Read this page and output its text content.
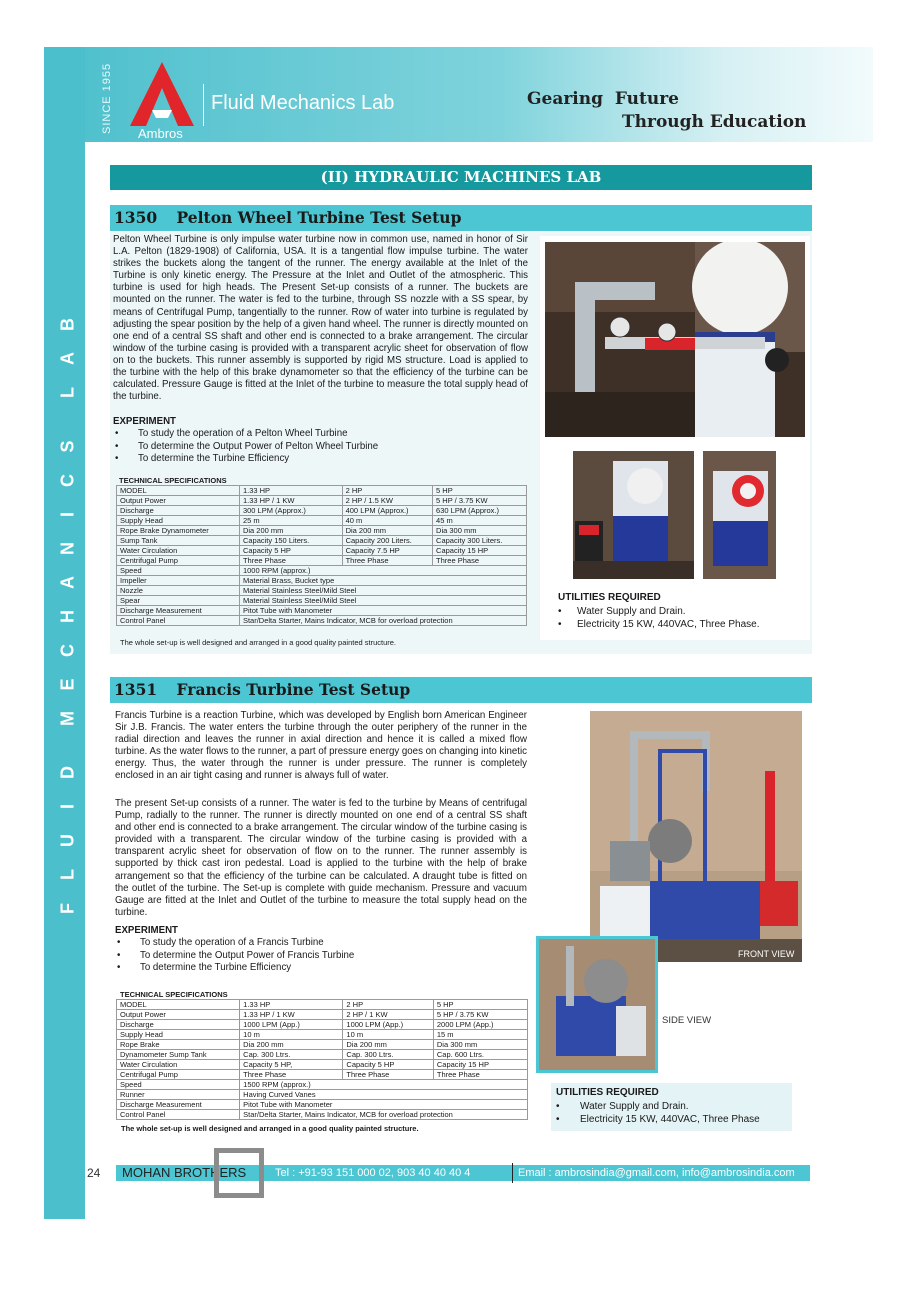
SINCE 1955 Ambros
Fluid Mechanics Lab	Gearing  Future
Through Education
F
L
U
I
D
M
E
C
H
A
N
I
C
S
L
A
B
(II) HYDRAULIC MACHINES LAB
1350 Pelton Wheel Turbine Test Setup
Pelton Wheel Turbine is only impulse water turbine now in common use, named in honor of Sir L.A. Pelton (1829-1908) of California, USA. It is a tangential flow impulse turbine. The water strikes the buckets along the tangent of the runner. The energy available at the Inlet of the Turbine is only kinetic energy. The Pressure at the Inlet and Outlet of the atmospheric. This turbine is used for high heads. The Present Set-up consists of a runner. The buckets are mounted on the runner. The water is fed to the turbine, through SS nozzle with a SS spear, by means of Centrifugal Pump, tangentially to the runner. Row of water into turbine is regulated by adjusting the spear position by the help of a given hand wheel. The runner is directly mounted on one end of a central SS shaft and other end is connected to a brake arrangement. The circular window of the turbine casing is provided with a transparent acrylic sheet for observation of flow on to the buckets. This runner assembly is supported by rigid MS structure. Load is applied to the turbine with the help of this brake dynamometer so that the efficiency of the turbine can be calculated. Pressure Gauge is fitted at the Inlet of the turbine to measure the total supply head of the turbine.
EXPERIMENT
• To study the operation of a Pelton Wheel Turbine
• To determine the Output Power of Pelton Wheel Turbine
• To determine the Turbine Efficiency
TECHNICAL SPECIFICATIONS
MODEL	1.33 HP	2 HP	5 HP
Output Power	1.33 HP / 1 KW	2 HP / 1.5 KW	5 HP / 3.75 KW
Discharge	300 LPM (Approx.)	400 LPM (Approx.)	630 LPM (Approx.)
Supply Head	25 m	40 m	45 m
Rope Brake Dynamometer	Dia 200 mm	Dia 200 mm	Dia 300 mm
Sump Tank	Capacity 150 Liters.	Capacity 200 Liters.	Capacity 300 Liters.
Water Circulation	Capacity 5 HP	Capacity 7.5 HP	Capacity 15 HP
Centrifugal Pump	Three Phase	Three Phase	Three Phase
Speed	1000 RPM (approx.)		
Impeller	Material Brass, Bucket type		
Nozzle	Material Stainless Steel/Mild Steel		
Spear	Material Stainless Steel/Mild Steel		
Discharge Measurement	Pitot Tube with Manometer		
Control Panel	Star/Delta Starter, Mains Indicator, MCB for overload protection		
The whole set-up is well designed and arranged in a good quality painted structure.
UTILITIES REQUIRED
• Water Supply and Drain.
• Electricity 15 KW, 440VAC, Three Phase.
1351 Francis Turbine Test Setup
Francis Turbine is a reaction Turbine, which was developed by English born American Engineer Sir J.B. Francis. The water enters the turbine through the outer periphery of the runner in the radial direction and leaves the runner in axial direction and hence it is called a mixed flow turbine. As the water flows to the runner, a part of pressure energy goes on changing into kinetic energy. Thus, the water through the runner is under pressure. The runner is completely enclosed in an air tight casing and runner is always full of water.
The present Set-up consists of a runner. The water is fed to the turbine by Means of centrifugal Pump, radially to the runner. The runner is directly mounted on one end of a central SS shaft and other end is connected to a brake arrangement. The circular window of the turbine casing is provided with a transparent. The circular window of the turbine casing is provided with a transparent acrylic sheet for observation of flow on to the runner. The runner assembly is supported by thick cast iron pedestal. Load is applied to the turbine with the help of brake arrangement so that the efficiency of the turbine can be calculated. A draught tube is fitted on the outlet of the turbine. The Set-up is complete with guide mechanism. Pressure and vacuum Gauge are fitted at the Inlet and Outlet of the turbine to measure the total supply head on the turbine.
EXPERIMENT
• To study the operation of a Francis Turbine
• To determine the Output Power of Francis Turbine
• To determine the Turbine Efficiency
TECHNICAL SPECIFICATIONS
MODEL	1.33 HP	2 HP	5 HP
Output Power	1.33 HP / 1 KW	2 HP / 1 KW	5 HP / 3.75 KW
Discharge	1000 LPM (App.)	1000 LPM (App.)	2000 LPM (App.)
Supply Head	10 m	10 m	15 m
Rope Brake	Dia 200 mm	Dia 200 mm	Dia 300 mm
Dynamometer Sump Tank	Cap. 300 Ltrs.	Cap. 300 Ltrs.	Cap. 600 Ltrs.
Water Circulation	Capacity 5 HP,	Capacity 5 HP	Capacity 15 HP
Centrifugal Pump	Three Phase	Three Phase	Three Phase
Speed	1500 RPM (approx.)		
Runner	Having Curved Vanes		
Discharge Measurement	Pitot Tube with Manometer		
Control Panel	Star/Delta Starter, Mains Indicator, MCB for overload protection		
The whole set-up is well designed and arranged in a good quality painted structure.
FRONT VIEW
SIDE VIEW
UTILITIES REQUIRED
• Water Supply and Drain.
• Electricity 15 KW, 440VAC, Three Phase
24 MOHAN BROTHERS	Tel : +91-93 151 000 02, 903 40 40 40 4	Email : ambrosindia@gmail.com, info@ambrosindia.com
